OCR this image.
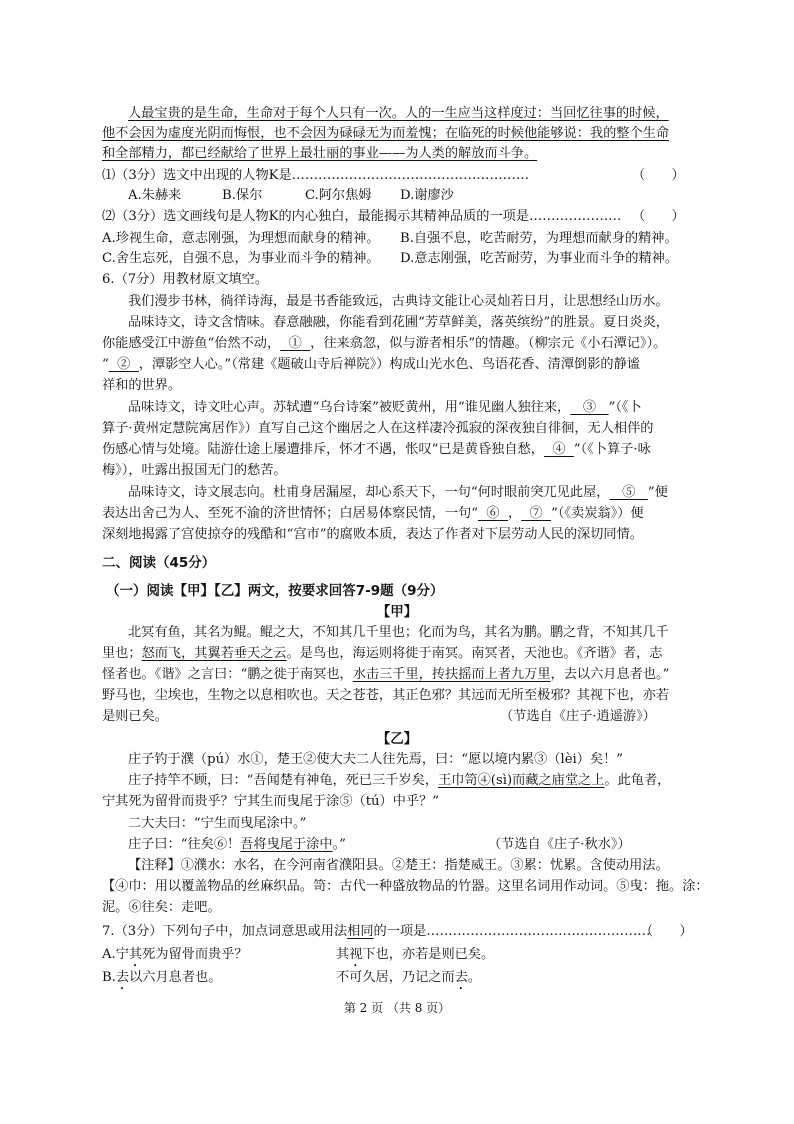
人最宝贵的是生命，生命对于每个人只有一次。人的一生应当这样度过：当回忆往事的时候，
他不会因为虚度光阴而悔恨，也不会因为碌碌无为而羞愧；在临死的时候他能够说：我的整个生命
和全部精力，都已经献给了世界上最壮丽的事业——为人类的解放而斗争。
⑴（3分）选文中出现的人物K是………………………………………………	（　　）
A.朱赫来	B.保尔	C.阿尔焦姆 D.谢廖沙
⑵（3分）选文画线句是人物K的内心独白，最能揭示其精神品质的一项是………………… （　　）
A.珍视生命，意志刚强，为理想而献身的精神。 B.自强不息，吃苦耐劳，为理想而献身的精神。
C.舍生忘死，自强不息，为事业而斗争的精神。 D.意志刚强，吃苦耐劳，为事业而斗争的精神。
6.（7分）用教材原文填空。
我们漫步书林，徜徉诗海，最是书香能致远，古典诗文能让心灵灿若日月，让思想经山历水。
品味诗文，诗文含情味。春意融融，你能看到花圃“芳草鲜美，落英缤纷”的胜景。夏日炎炎，
你能感受江中游鱼“佁然不动， ① ，往来翕忽，似与游者相乐”的情趣。（柳宗元《小石潭记》）。
“ ② ，潭影空人心。”（常建《题破山寺后禅院》）构成山光水色、鸟语花香、清潭倒影的静谧
祥和的世界。
品味诗文，诗文吐心声。苏轼遭“乌台诗案”被贬黄州，用“谁见幽人独往来， ③ ”（《卜
算子·黄州定慧院寓居作》）直写自己这个幽居之人在这样凄冷孤寂的深夜独自徘徊，无人相伴的
伤感心情与处境。陆游仕途上屡遭排斥，怀才不遇，怅叹“已是黄昏独自愁， ④ ”（《卜算子·咏
梅》），吐露出报国无门的愁苦。
品味诗文，诗文展志向。杜甫身居漏屋，却心系天下，一句“何时眼前突兀见此屋， ⑤ ”便
表达出舍己为人、至死不渝的济世情怀；白居易体察民情，一句“ ⑥ ， ⑦ ”（《卖炭翁》）便
深刻地揭露了宫使掠夺的残酷和“宫市”的腐败本质，表达了作者对下层劳动人民的深切同情。
二、阅读（45分）
（一）阅读【甲】【乙】两文，按要求回答7-9题（9分）
【甲】
北冥有鱼，其名为鲲。鲲之大，不知其几千里也；化而为鸟，其名为鹏。鹏之背，不知其几千
里也；怒而飞，其翼若垂天之云。是鸟也，海运则将徙于南冥。南冥者，天池也。《齐谐》者，志
怪者也。《谐》之言曰：“鹏之徙于南冥也，水击三千里，抟扶摇而上者九万里，去以六月息者也。”
野马也，尘埃也，生物之以息相吹也。天之苍苍，其正色邪？其远而无所至极邪？其视下也，亦若
是则已矣。	（节选自《庄子·逍遥游》）
【乙】
庄子钓于濮（pú）水①，楚王②使大夫二人往先焉，曰：“愿以境内累③（lèi）矣！”
庄子持竿不顾，曰：“吾闻楚有神龟，死已三千岁矣，王巾笥④(sì)而藏之庙堂之上。此龟者，
宁其死为留骨而贵乎？宁其生而曳尾于涂⑤（tú）中乎？”
二大夫曰：“宁生而曳尾涂中。”
庄子曰：“往矣⑥！吾将曳尾于涂中。”	（节选自《庄子·秋水》）
【注释】①濮水：水名，在今河南省濮阳县。②楚王：指楚威王。③累：忧累。含使动用法。
【④巾：用以覆盖物品的丝麻织品。笥：古代一种盛放物品的竹器。这里名词用作动词。⑤曳：拖。涂：
泥。⑥往矣：走吧。
7.（3分）下列句子中，加点词意思或用法相同的一项是……………………………………………
（　　）
A.宁其死为留骨而贵乎？	其视下也，亦若是则已矣。
B.去以六月息者也。	不可久居，乃记之而去。
第 2 页 （共 8 页）
